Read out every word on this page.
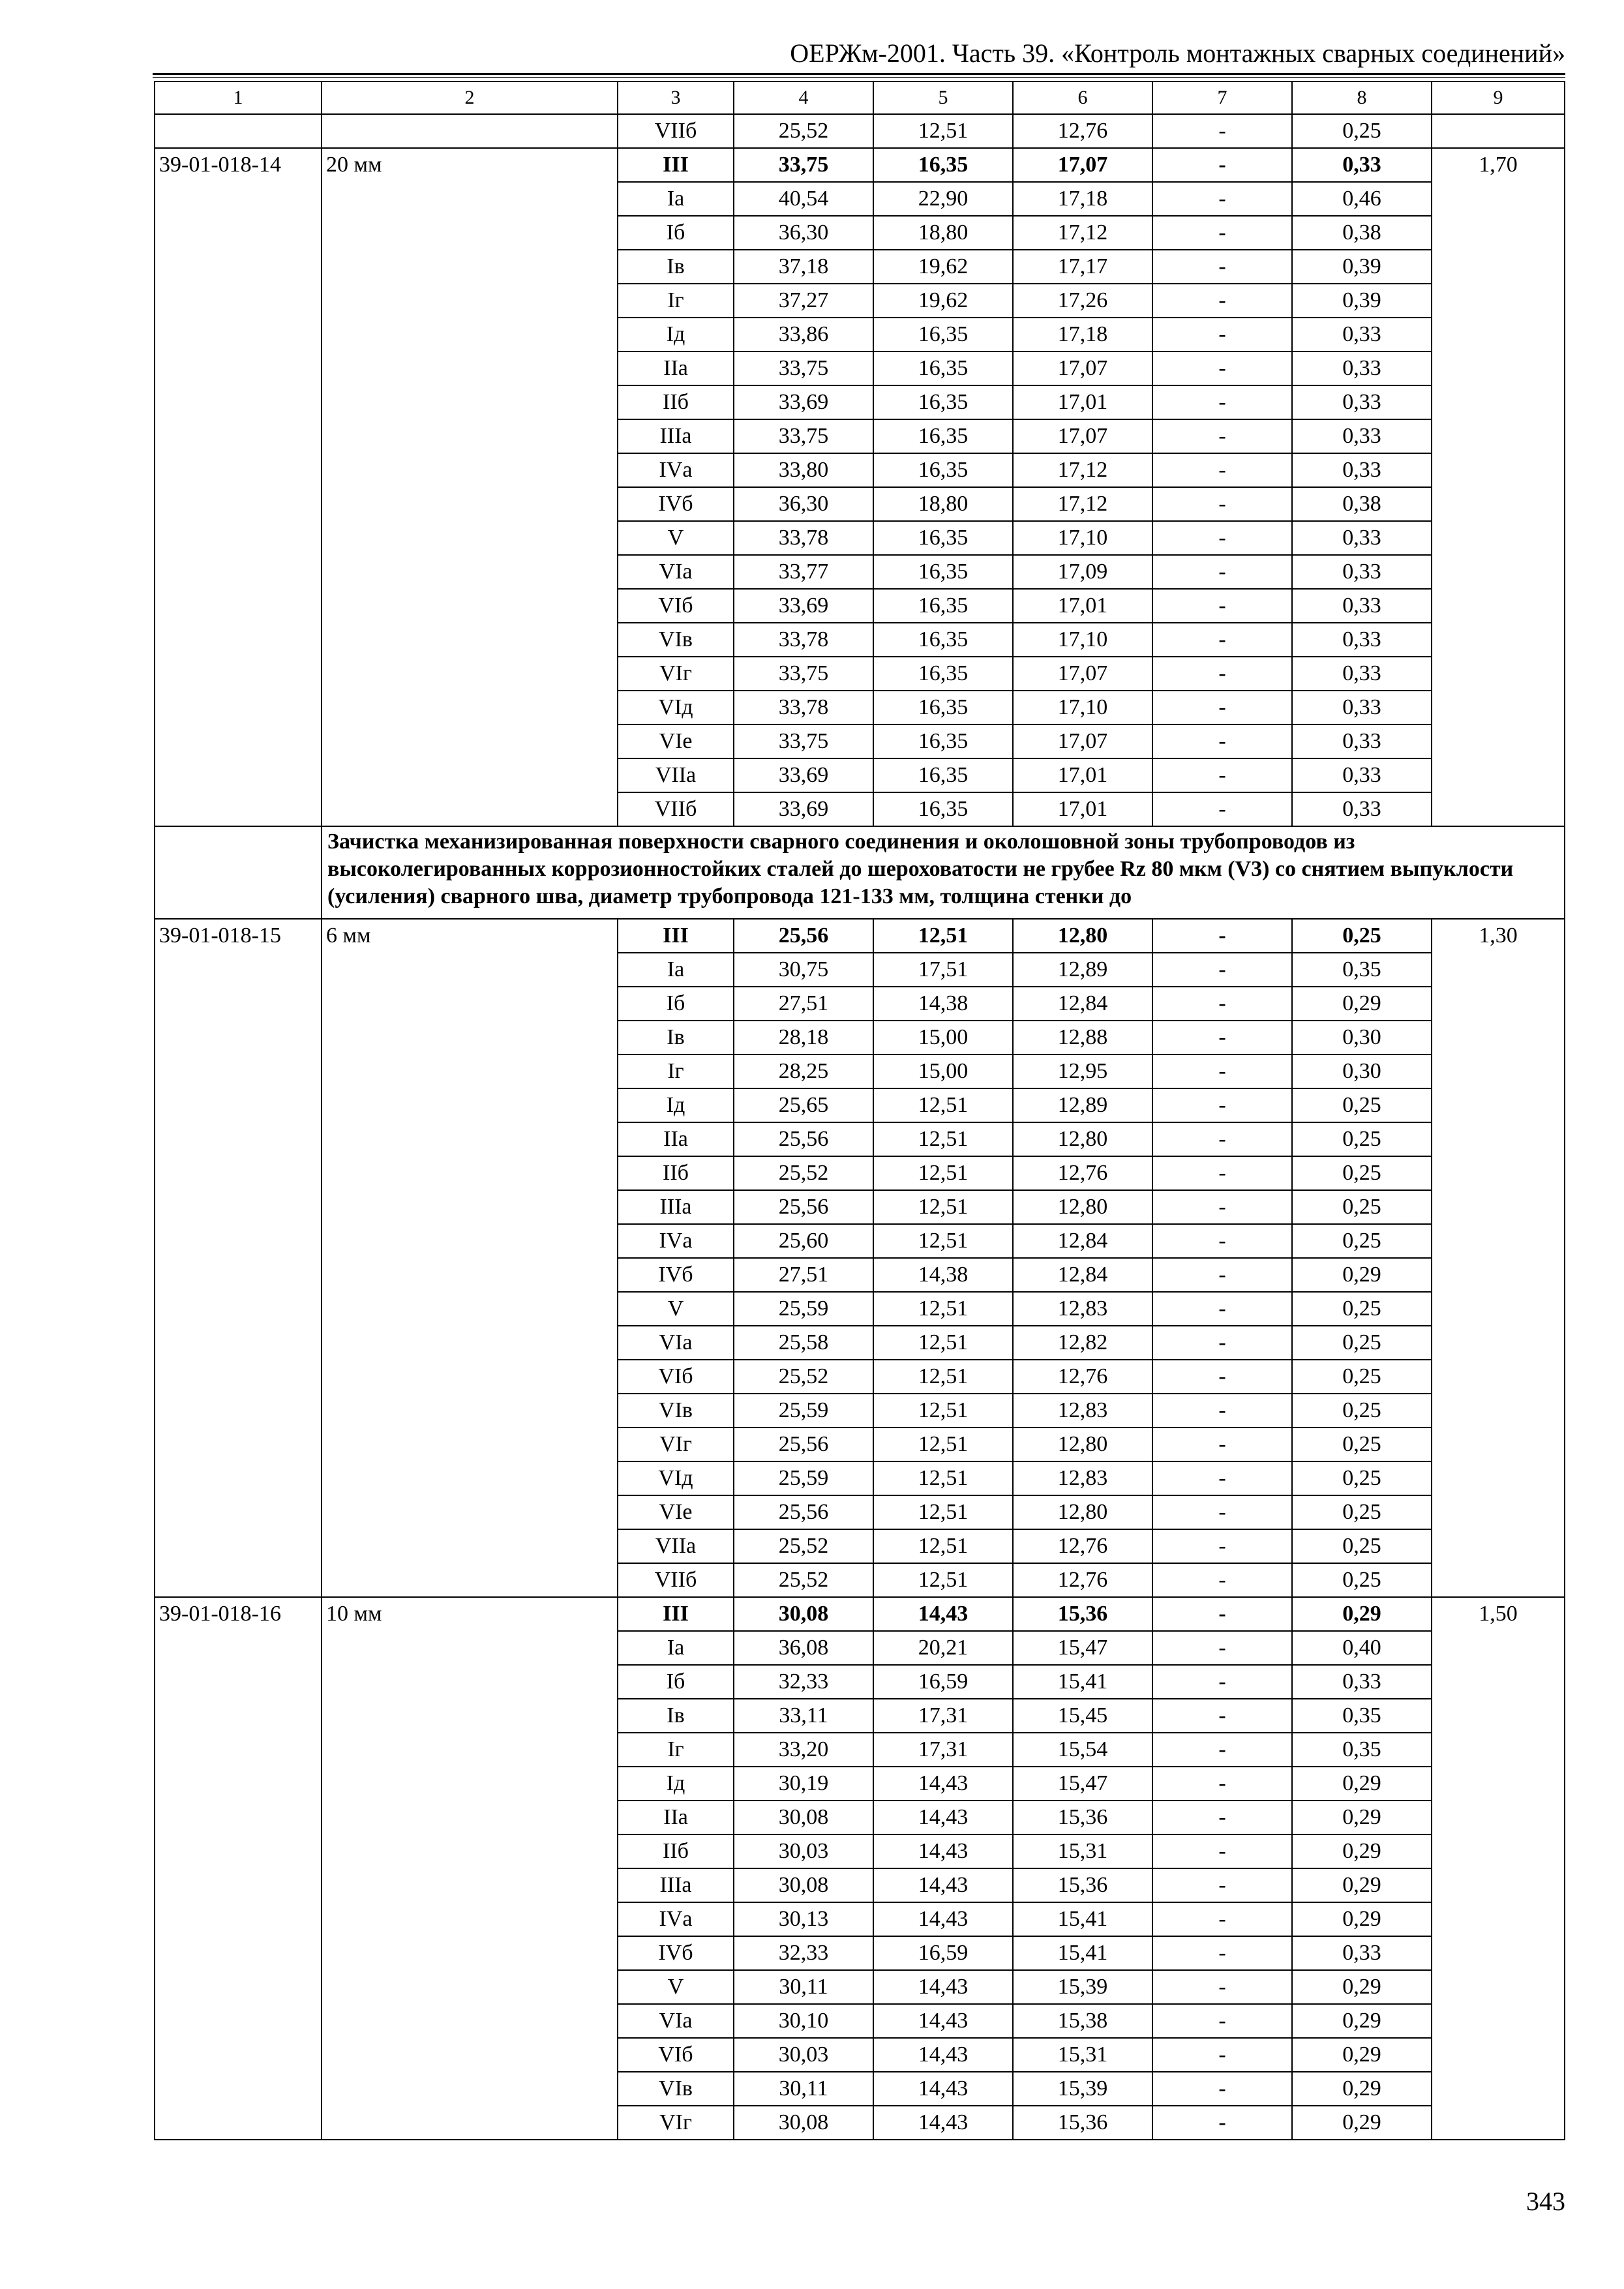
ОЕРЖм-2001. Часть 39. «Контроль монтажных сварных соединений»
1	2	3	4	5	6	7	8	9
		VIIб	25,52	12,51	12,76	-	0,25	
39-01-018-14	20 мм	III	33,75	16,35	17,07	-	0,33	1,70
		Iа	40,54	22,90	17,18	-	0,46	
		Iб	36,30	18,80	17,12	-	0,38	
		Iв	37,18	19,62	17,17	-	0,39	
		Iг	37,27	19,62	17,26	-	0,39	
		Iд	33,86	16,35	17,18	-	0,33	
		IIа	33,75	16,35	17,07	-	0,33	
		IIб	33,69	16,35	17,01	-	0,33	
		IIIа	33,75	16,35	17,07	-	0,33	
		IVа	33,80	16,35	17,12	-	0,33	
		IVб	36,30	18,80	17,12	-	0,38	
		V	33,78	16,35	17,10	-	0,33	
		VIа	33,77	16,35	17,09	-	0,33	
		VIб	33,69	16,35	17,01	-	0,33	
		VIв	33,78	16,35	17,10	-	0,33	
		VIг	33,75	16,35	17,07	-	0,33	
		VIд	33,78	16,35	17,10	-	0,33	
		VIе	33,75	16,35	17,07	-	0,33	
		VIIа	33,69	16,35	17,01	-	0,33	
		VIIб	33,69	16,35	17,01	-	0,33	
	Зачистка механизированная поверхности сварного соединения и околошовной зоны трубопроводов из высоколегированных коррозионностойких сталей до шероховатости не грубее Rz 80 мкм (V3) со снятием выпуклости (усиления) сварного шва, диаметр трубопровода 121-133 мм, толщина стенки до							
39-01-018-15	6 мм	III	25,56	12,51	12,80	-	0,25	1,30
		Iа	30,75	17,51	12,89	-	0,35	
		Iб	27,51	14,38	12,84	-	0,29	
		Iв	28,18	15,00	12,88	-	0,30	
		Iг	28,25	15,00	12,95	-	0,30	
		Iд	25,65	12,51	12,89	-	0,25	
		IIа	25,56	12,51	12,80	-	0,25	
		IIб	25,52	12,51	12,76	-	0,25	
		IIIа	25,56	12,51	12,80	-	0,25	
		IVа	25,60	12,51	12,84	-	0,25	
		IVб	27,51	14,38	12,84	-	0,29	
		V	25,59	12,51	12,83	-	0,25	
		VIа	25,58	12,51	12,82	-	0,25	
		VIб	25,52	12,51	12,76	-	0,25	
		VIв	25,59	12,51	12,83	-	0,25	
		VIг	25,56	12,51	12,80	-	0,25	
		VIд	25,59	12,51	12,83	-	0,25	
		VIе	25,56	12,51	12,80	-	0,25	
		VIIа	25,52	12,51	12,76	-	0,25	
		VIIб	25,52	12,51	12,76	-	0,25	
39-01-018-16	10 мм	III	30,08	14,43	15,36	-	0,29	1,50
		Iа	36,08	20,21	15,47	-	0,40	
		Iб	32,33	16,59	15,41	-	0,33	
		Iв	33,11	17,31	15,45	-	0,35	
		Iг	33,20	17,31	15,54	-	0,35	
		Iд	30,19	14,43	15,47	-	0,29	
		IIа	30,08	14,43	15,36	-	0,29	
		IIб	30,03	14,43	15,31	-	0,29	
		IIIа	30,08	14,43	15,36	-	0,29	
		IVа	30,13	14,43	15,41	-	0,29	
		IVб	32,33	16,59	15,41	-	0,33	
		V	30,11	14,43	15,39	-	0,29	
		VIа	30,10	14,43	15,38	-	0,29	
		VIб	30,03	14,43	15,31	-	0,29	
		VIв	30,11	14,43	15,39	-	0,29	
		VIг	30,08	14,43	15,36	-	0,29	
343
